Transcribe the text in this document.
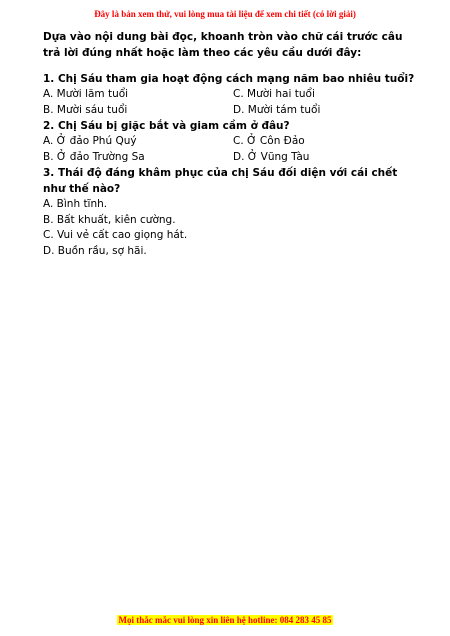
Đây là bản xem thử, vui lòng mua tài liệu để xem chi tiết (có lời giải)

Dựa vào nội dung bài đọc, khoanh tròn vào chữ cái trước câu trả lời đúng nhất hoặc làm theo các yêu cầu dưới đây:

1. Chị Sáu tham gia hoạt động cách mạng năm bao nhiêu tuổi?

A. Mười lăm tuổi	C. Mười hai tuổi
B. Mười sáu tuổi	D. Mười tám tuổi

2. Chị Sáu bị giặc bắt và giam cầm ở đâu?

A. Ở đảo Phú Quý	C. Ở Côn Đảo
B. Ở đảo Trường Sa	D. Ở Vũng Tàu

3. Thái độ đáng khâm phục của chị Sáu đối diện với cái chết như thế nào?

A. Bình tĩnh.
B. Bất khuất, kiên cường.
C. Vui vẻ cất cao giọng hát.
D. Buồn rầu, sợ hãi.
Mọi thắc mắc vui lòng xin liên hệ hotline: 084 283 45 85
